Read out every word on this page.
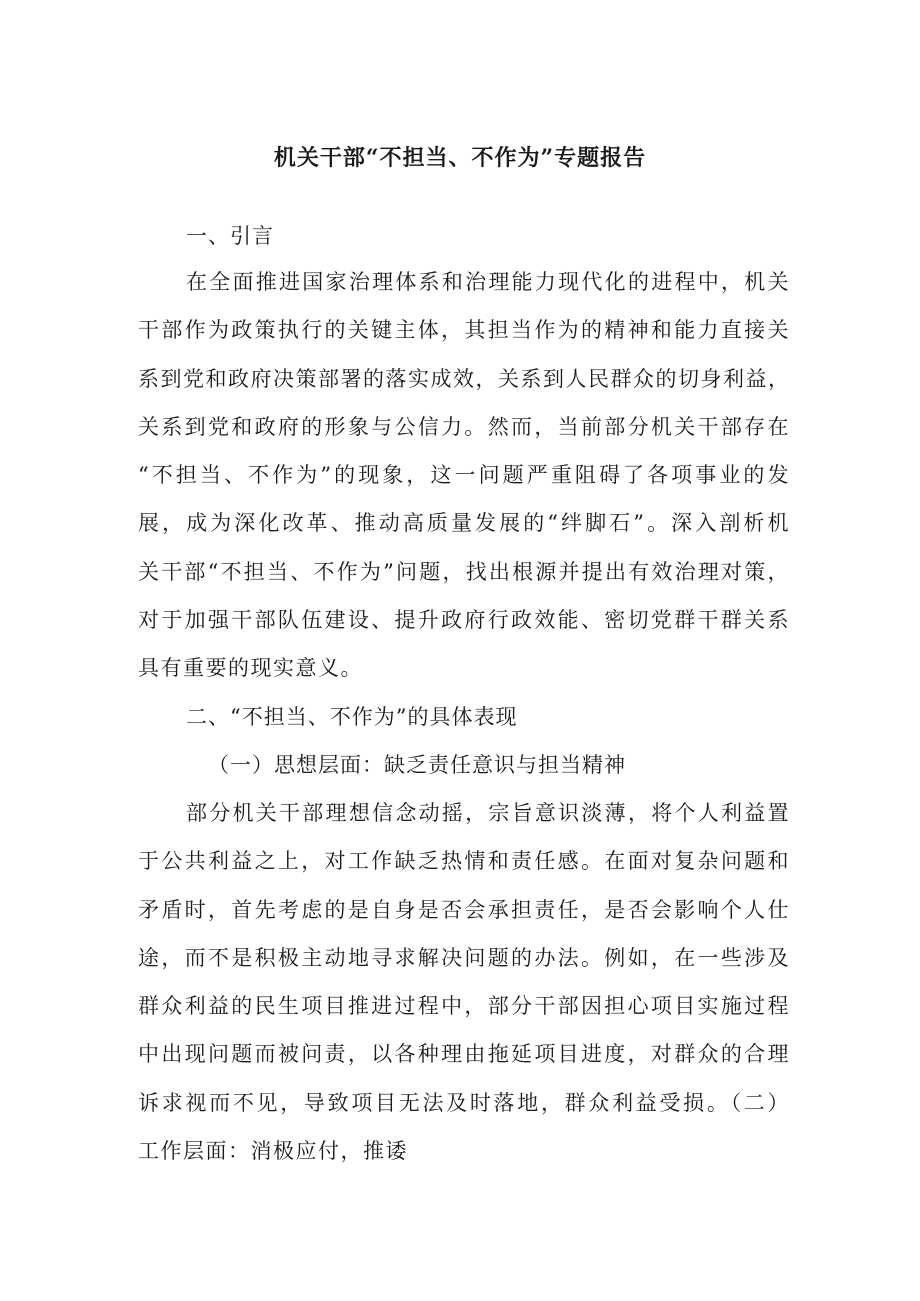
机关干部“不担当、不作为”专题报告
一、引言
在全面推进国家治理体系和治理能力现代化的进程中，机关
干部作为政策执行的关键主体，其担当作为的精神和能力直接关
系到党和政府决策部署的落实成效，关系到人民群众的切身利益，
关系到党和政府的形象与公信力。然而，当前部分机关干部存在
“不担当、不作为”的现象，这一问题严重阻碍了各项事业的发
展，成为深化改革、推动高质量发展的“绊脚石”。深入剖析机
关干部“不担当、不作为”问题，找出根源并提出有效治理对策，
对于加强干部队伍建设、提升政府行政效能、密切党群干群关系
具有重要的现实意义。
二、“不担当、不作为”的具体表现
（一）思想层面：缺乏责任意识与担当精神
部分机关干部理想信念动摇，宗旨意识淡薄，将个人利益置
于公共利益之上，对工作缺乏热情和责任感。在面对复杂问题和
矛盾时，首先考虑的是自身是否会承担责任，是否会影响个人仕
途，而不是积极主动地寻求解决问题的办法。例如，在一些涉及
群众利益的民生项目推进过程中，部分干部因担心项目实施过程
中出现问题而被问责，以各种理由拖延项目进度，对群众的合理
诉求视而不见，导致项目无法及时落地，群众利益受损。（二）
工作层面：消极应付，推诿
